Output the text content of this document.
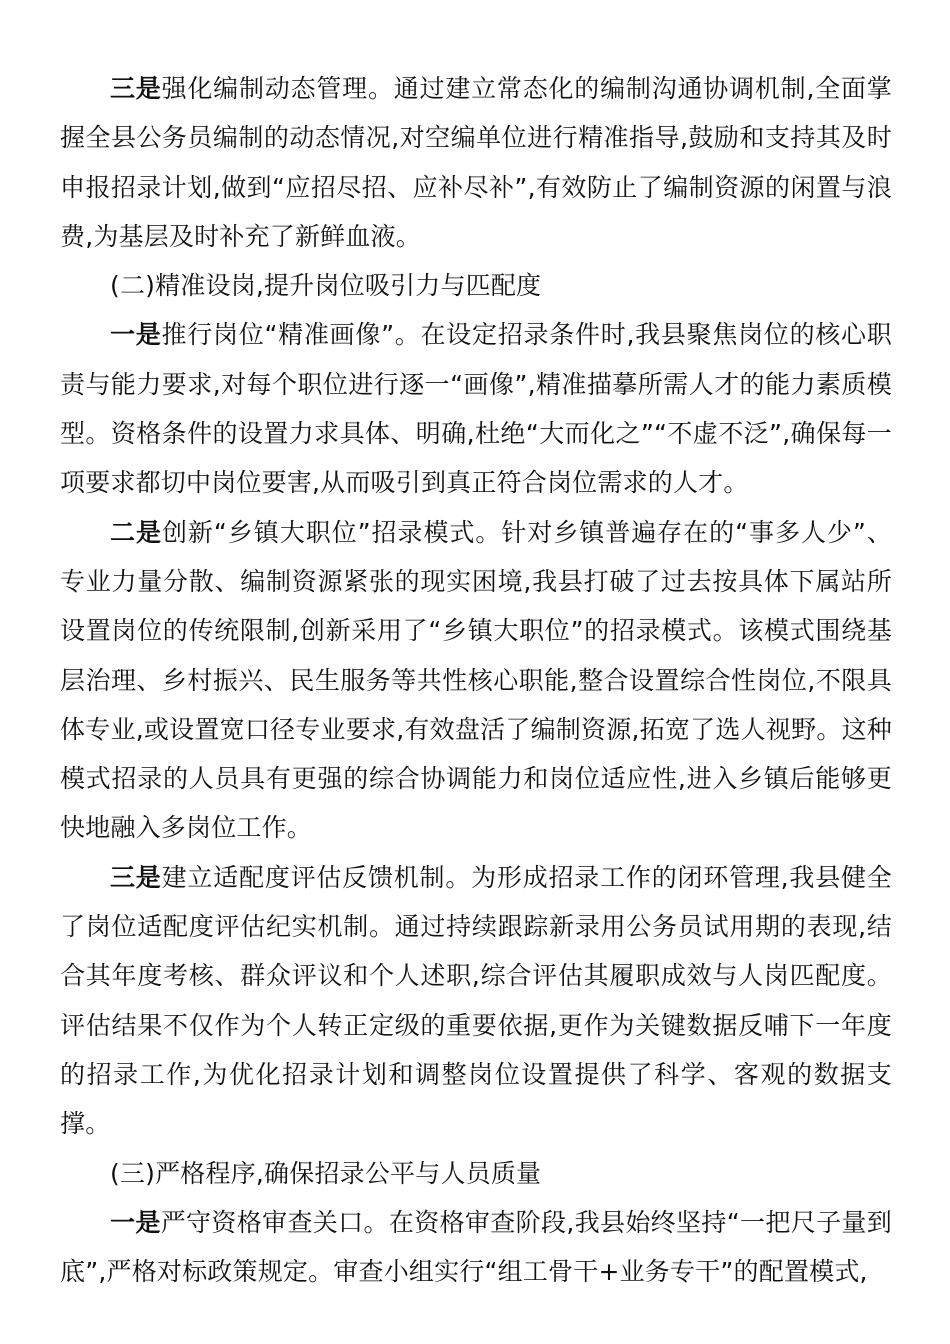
三是强化编制动态管理。通过建立常态化的编制沟通协调机制,全面掌握全县公务员编制的动态情况,对空编单位进行精准指导,鼓励和支持其及时申报招录计划,做到“应招尽招、应补尽补”,有效防止了编制资源的闲置与浪费,为基层及时补充了新鲜血液。

(二)精准设岗,提升岗位吸引力与匹配度

一是推行岗位“精准画像”。在设定招录条件时,我县聚焦岗位的核心职责与能力要求,对每个职位进行逐一“画像”,精准描摹所需人才的能力素质模型。资格条件的设置力求具体、明确,杜绝“大而化之”“不虚不泛”,确保每一项要求都切中岗位要害,从而吸引到真正符合岗位需求的人才。

二是创新“乡镇大职位”招录模式。针对乡镇普遍存在的“事多人少”、专业力量分散、编制资源紧张的现实困境,我县打破了过去按具体下属站所设置岗位的传统限制,创新采用了“乡镇大职位”的招录模式。该模式围绕基层治理、乡村振兴、民生服务等共性核心职能,整合设置综合性岗位,不限具体专业,或设置宽口径专业要求,有效盘活了编制资源,拓宽了选人视野。这种模式招录的人员具有更强的综合协调能力和岗位适应性,进入乡镇后能够更快地融入多岗位工作。

三是建立适配度评估反馈机制。为形成招录工作的闭环管理,我县健全了岗位适配度评估纪实机制。通过持续跟踪新录用公务员试用期的表现,结合其年度考核、群众评议和个人述职,综合评估其履职成效与人岗匹配度。评估结果不仅作为个人转正定级的重要依据,更作为关键数据反哺下一年度的招录工作,为优化招录计划和调整岗位设置提供了科学、客观的数据支撑。

(三)严格程序,确保招录公平与人员质量

一是严守资格审查关口。在资格审查阶段,我县始终坚持“一把尺子量到底”,严格对标政策规定。审查小组实行“组工骨干+业务专干”的配置模式,
